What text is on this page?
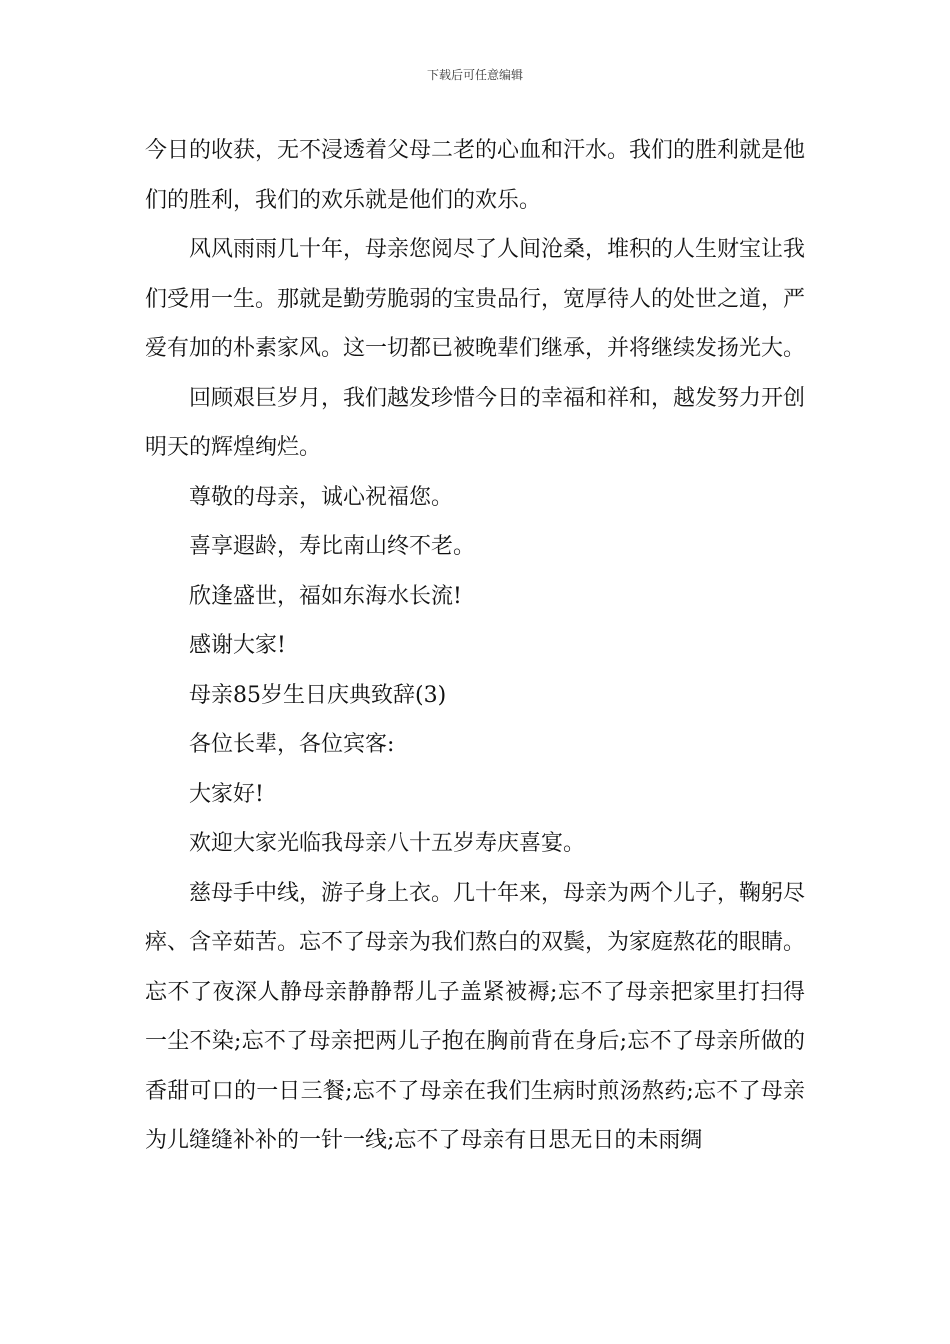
下载后可任意编辑

今日的收获，无不浸透着父母二老的心血和汗水。我们的胜利就是他们的胜利，我们的欢乐就是他们的欢乐。

风风雨雨几十年，母亲您阅尽了人间沧桑，堆积的人生财宝让我们受用一生。那就是勤劳脆弱的宝贵品行，宽厚待人的处世之道，严爱有加的朴素家风。这一切都已被晚辈们继承，并将继续发扬光大。

回顾艰巨岁月，我们越发珍惜今日的幸福和祥和，越发努力开创明天的辉煌绚烂。

尊敬的母亲，诚心祝福您。

喜享遐龄，寿比南山终不老。

欣逢盛世，福如东海水长流!

感谢大家!

母亲85岁生日庆典致辞(3)

各位长辈，各位宾客:

大家好!

欢迎大家光临我母亲八十五岁寿庆喜宴。

慈母手中线，游子身上衣。几十年来，母亲为两个儿子，鞠躬尽瘁、含辛茹苦。忘不了母亲为我们熬白的双鬓，为家庭熬花的眼睛。忘不了夜深人静母亲静静帮儿子盖紧被褥;忘不了母亲把家里打扫得一尘不染;忘不了母亲把两儿子抱在胸前背在身后;忘不了母亲所做的香甜可口的一日三餐;忘不了母亲在我们生病时煎汤熬药;忘不了母亲为儿缝缝补补的一针一线;忘不了母亲有日思无日的未雨绸
